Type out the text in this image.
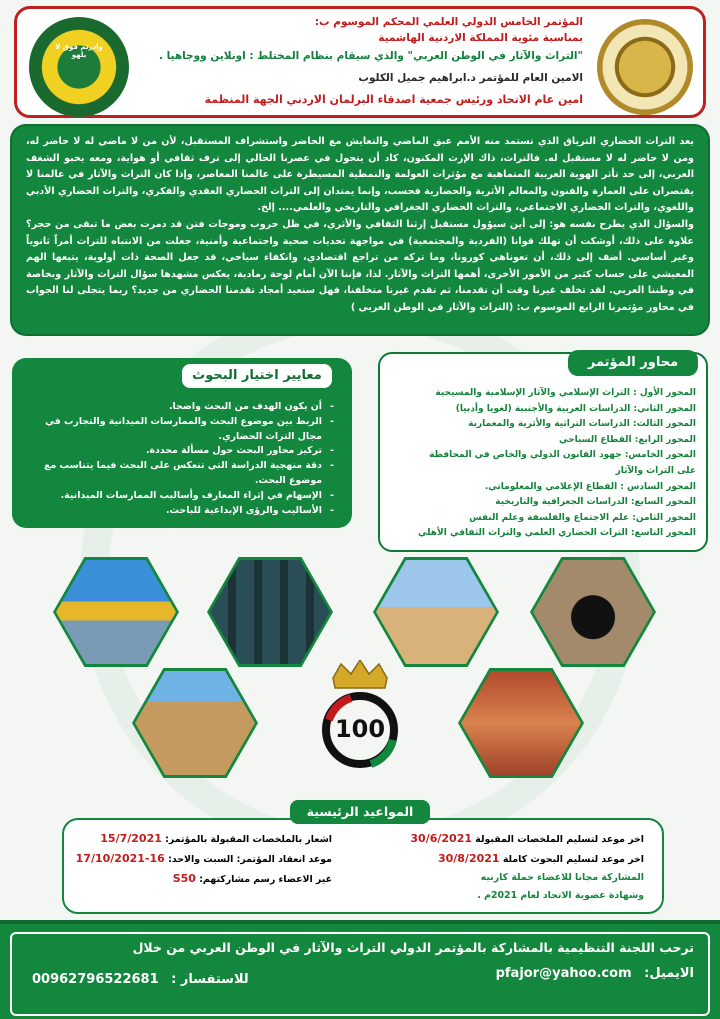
وادرتم فوق لا يلهو
المؤتمر الخامس الدولي العلمي المحكم الموسوم ب:
بمناسبة مئوية المملكة الاردنية الهاشمية
"التراث والآثار في الوطن العربي" والذي سيقام بنظام المختلط : اونلاين ووجاهيا .
الامين العام للمؤتمر د.ابراهيم جميل الكلوب
امين عام الاتحاد ورئيس جمعية اصدقاء البرلمان الاردني الجهة المنظمة

يعد التراث الحضاري الترياق الذي تستمد منه الأمم عبق الماضي والتعايش مع الحاضر واستشراف المستقبل، لأن من لا ماضي له لا حاضر له، ومن لا حاضر له لا مستقبل له. فالتراث، ذاك الإرث المكنون، كاد أن يتحول في عصرنا الحالي إلى ترف ثقافي أو هواية، ومعه يخبو الشغف العربي، إلى حد تأثر الهوية العربية المتماهية مع مؤثرات العولمة والنمطية المسيطرة على عالمنا المعاصر، وإذا كان التراث والآثار في عالمنا لا يقتصران على العمارة والفنون والمعالم الأثرية والحضارية فحسب، وإنما يمتدان إلى التراث الحضاري العقدي والفكري، والتراث الحضاري الأدبي واللغوي، والتراث الحضاري الاجتماعي، والتراث الحضاري الجغرافي والتاريخي والعلمي.... إلخ.

والسؤال الذي يطرح نفسه هو: إلى أين سيؤول مستقبل إرثنا الثقافي والأثري، في ظل حروب وموجات فتن قد دمرت بعض ما تبقى من حجر؟ علاوة على ذلك، أوشكت أن تهلك قوانا (الفردية والمجتمعية) في مواجهة تحديات صحية واجتماعية وأمنية، جعلت من الانتباه للتراث أمراً ثانوياً وغير أساسي. أضف إلى ذلك، أن تعوناهي كورونا، وما تركه من تراجع اقتصادي، وانكفاء سياحي، قد جعل الصحة ذات أولوية، يتبعها الهم المعيشي على حساب كثير من الأمور الأخرى، أهمها التراث والآثار. لذا، فإننا الآن أمام لوحة رمادية، يعكس مشهدها سؤال التراث والآثار وبخاصة في وطننا العربي. لقد تخلف غيرنا وقت أن تقدمنا، ثم تقدم غيرنا متخلفنا، فهل سنعيد أمجاد تقدمنا الحضاري من جديد؟ ربما يتجلى لنا الجواب في محاور مؤتمرنا الرابع الموسوم ب: (التراث والآثار في الوطن العربي )

محاور المؤتمر
المحور الأول : التراث الإسلامي والآثار الإسلامية والمسيحية
المحور الثاني: الدراسات العربية والأجنبية (لغويا وأدبيا)
المحور الثالث: الدراسات التراثية والأثرية والمعمارية
المحور الرابع: القطاع السياحي
المحور الخامس: جهود القانون الدولي والخاص في المحافظة
على التراث والآثار
المحور السادس : القطاع الإعلامي والمعلوماتي.
المحور السابع: الدراسات الجغرافية والتاريخية
المحور الثامن: علم الاجتماع والفلسفة وعلم النفس
المحور التاسع: التراث الحضاري العلمي والتراث الثقافي الأهلي
معايير اختيار البحوث
- أن يكون الهدف من البحث واضحا.
- الربط بين موضوع البحث والممارسات الميدانية والتجارب في مجال التراث الحضاري.
- تركيز محاور البحث حول مسألة محددة.
- دقة منهجية الدراسة التي تنعكس على البحث فيما يتناسب مع موضوع البحث.
- الإسهام في إثراء المعارف وأساليب الممارسات الميدانية.
- الأساليب والرؤى الإبداعية للباحث.
100
اخر موعد لتسليم الملخصات المقبولة 30/6/2021
اخر موعد لتسليم البحوث كاملة 30/8/2021
المشاركة مجانا للاعضاء حملة كارنيه
وشهادة عضوية الاتحاد لعام 2021م .
اشعار بالملخصات المقبولة بالمؤتمر: 15/7/2021
موعد انعقاد المؤتمر: السبت والاحد: 16-17/10/2021
غير الاعضاء رسم مشاركتهم: S50
المواعيد الرئيسية
ترحب اللجنة التنظيمية بالمشاركة بالمؤتمر الدولي التراث والآثار في الوطن العربي من خلال
الايميل: pfajor@yahoo.com
للاستفسار : 00962796522681
